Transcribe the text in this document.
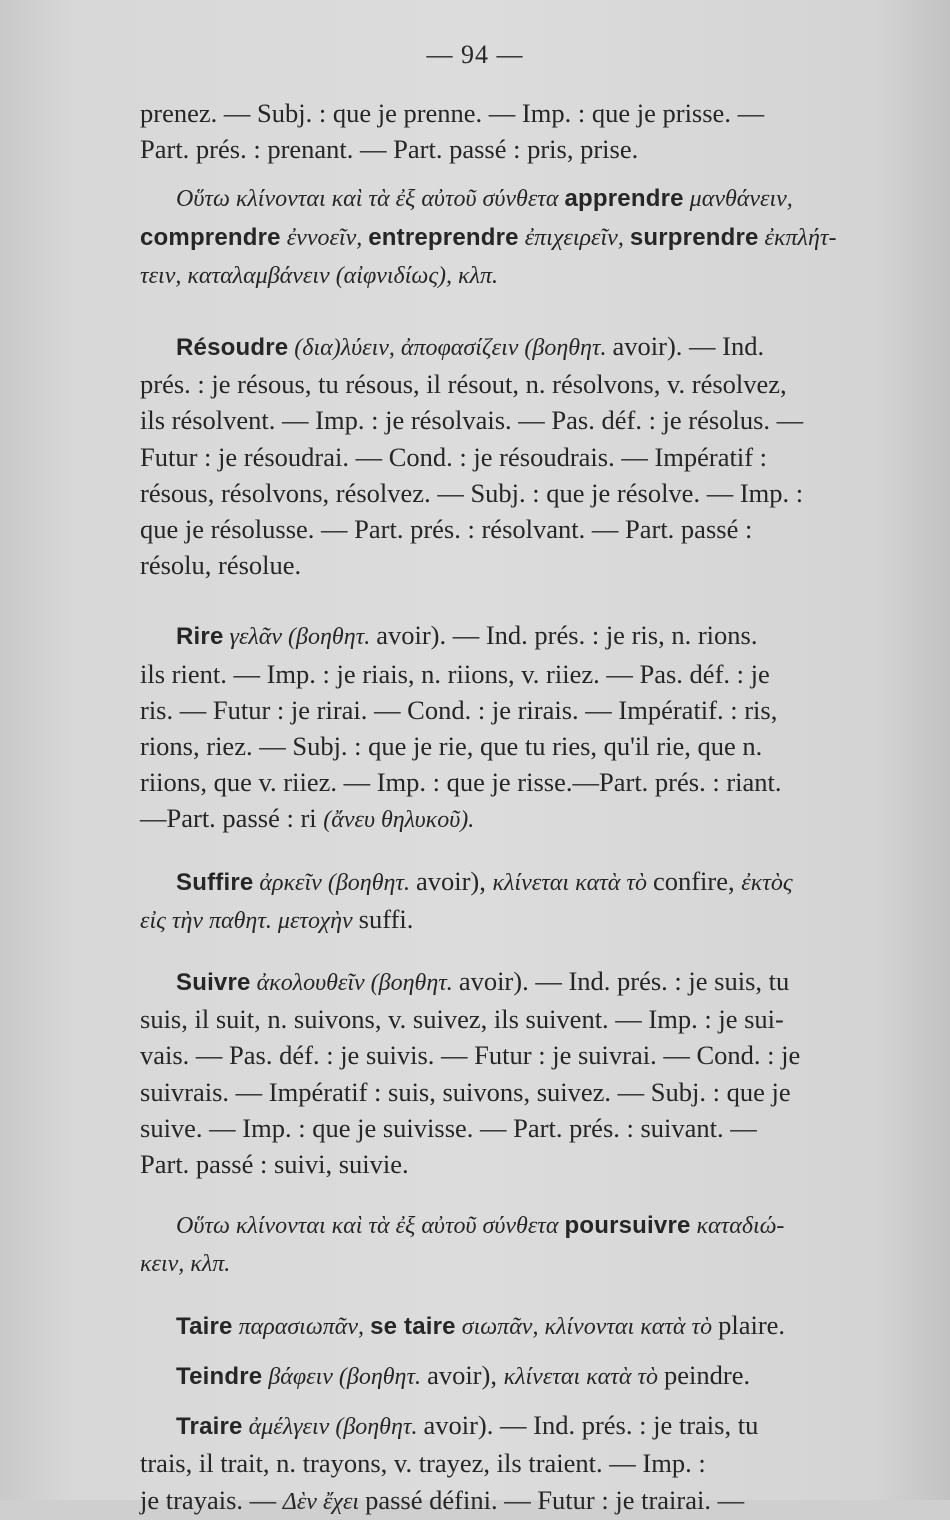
— 94 —
prenez. — Subj. : que je prenne. — Imp. : que je prisse. —
Part. prés. : prenant. — Part. passé : pris, prise.
Οὕτω κλίνονται καὶ τὰ ἐξ αὐτοῦ σύνθετα apprendre μανθάνειν,
comprendre ἐννοεῖν, entreprendre ἐπιχειρεῖν, surprendre ἐκπλήτ-
τειν, καταλαμβάνειν (αἰφνιδίως), κλπ.
Résoudre (δια)λύειν, ἀποφασίζειν (βοηθητ. avoir). — Ind.
prés. : je résous, tu résous, il résout, n. résolvons, v. résolvez,
ils résolvent. — Imp. : je résolvais. — Pas. déf. : je résolus. —
Futur : je résoudrai. — Cond. : je résoudrais. — Impératif :
résous, résolvons, résolvez. — Subj. : que je résolve. — Imp. :
que je résolusse. — Part. prés. : résolvant. — Part. passé :
résolu, résolue.
Rire γελᾶν (βοηθητ. avoir). — Ind. prés. : je ris, n. rions.
ils rient. — Imp. : je riais, n. riions, v. riiez. — Pas. déf. : je
ris. — Futur : je rirai. — Cond. : je rirais. — Impératif. : ris,
rions, riez. — Subj. : que je rie, que tu ries, qu'il rie, que n.
riions, que v. riiez. — Imp. : que je risse.—Part. prés. : riant.
—Part. passé : ri (ἄνευ θηλυκοῦ).
Suffire ἀρκεῖν (βοηθητ. avoir), κλίνεται κατὰ τὸ confire, ἐκτὸς
εἰς τὴν παθητ. μετοχὴν suffi.
Suivre ἀκολουθεῖν (βοηθητ. avoir). — Ind. prés. : je suis, tu
suis, il suit, n. suivons, v. suivez, ils suivent. — Imp. : je sui-
vais. — Pas. déf. : je suivis. — Futur : je suivrai. — Cond. : je
suivrais. — Impératif : suis, suivons, suivez. — Subj. : que je
suive. — Imp. : que je suivisse. — Part. prés. : suivant. —
Part. passé : suivi, suivie.
Οὕτω κλίνονται καὶ τὰ ἐξ αὐτοῦ σύνθετα poursuivre καταδιώ-
κειν, κλπ.
Taire παρασιωπᾶν, se taire σιωπᾶν, κλίνονται κατὰ τὸ plaire.
Teindre βάφειν (βοηθητ. avoir), κλίνεται κατὰ τὸ peindre.
Traire ἀμέλγειν (βοηθητ. avoir). — Ind. prés. : je trais, tu
trais, il trait, n. trayons, v. trayez, ils traient. — Imp. :
je trayais. — Δὲν ἔχει passé défini. — Futur : je trairai. —
